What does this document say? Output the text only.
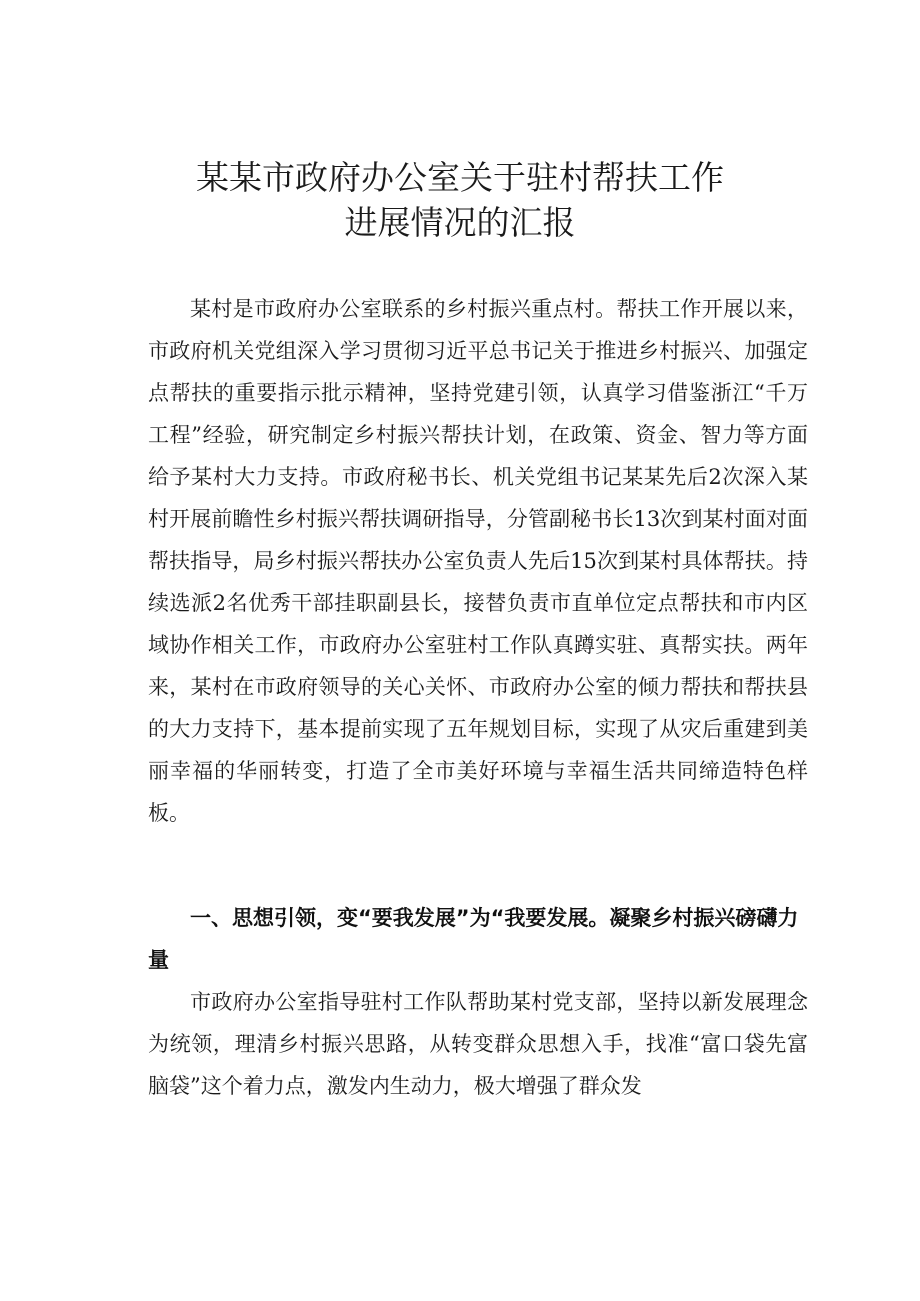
某某市政府办公室关于驻村帮扶工作
进展情况的汇报

某村是市政府办公室联系的乡村振兴重点村。帮扶工作开展以来，市政府机关党组深入学习贯彻习近平总书记关于推进乡村振兴、加强定点帮扶的重要指示批示精神，坚持党建引领，认真学习借鉴浙江“千万工程”经验，研究制定乡村振兴帮扶计划，在政策、资金、智力等方面给予某村大力支持。市政府秘书长、机关党组书记某某先后2次深入某村开展前瞻性乡村振兴帮扶调研指导，分管副秘书长13次到某村面对面帮扶指导，局乡村振兴帮扶办公室负责人先后15次到某村具体帮扶。持续选派2名优秀干部挂职副县长，接替负责市直单位定点帮扶和市内区域协作相关工作，市政府办公室驻村工作队真蹲实驻、真帮实扶。两年来，某村在市政府领导的关心关怀、市政府办公室的倾力帮扶和帮扶县的大力支持下，基本提前实现了五年规划目标，实现了从灾后重建到美丽幸福的华丽转变，打造了全市美好环境与幸福生活共同缔造特色样板。

一、思想引领，变“要我发展”为“我要发展。凝聚乡村振兴磅礴力量

市政府办公室指导驻村工作队帮助某村党支部，坚持以新发展理念为统领，理清乡村振兴思路，从转变群众思想入手，找准“富口袋先富脑袋”这个着力点，激发内生动力，极大增强了群众发
